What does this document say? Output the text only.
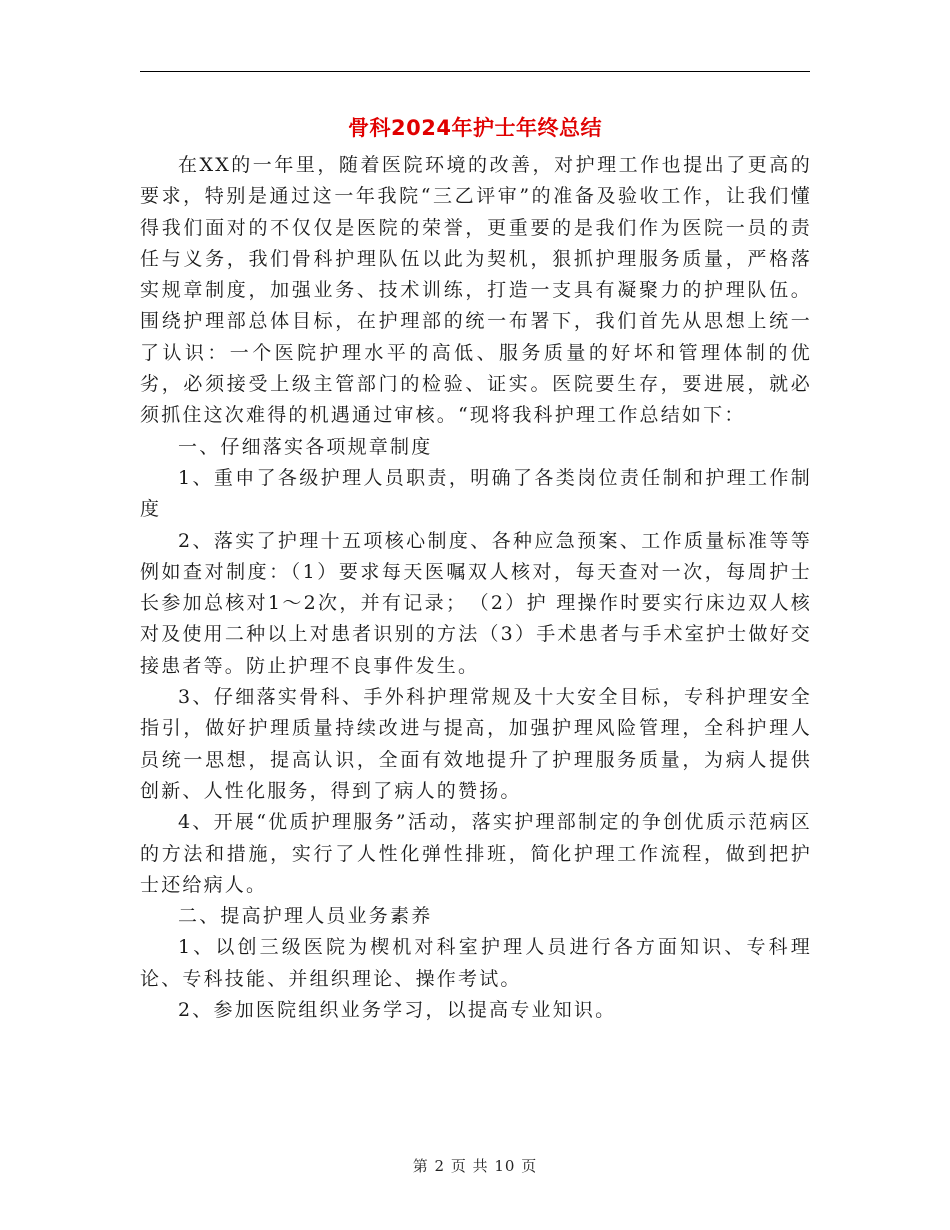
骨科2024年护士年终总结

在XX的一年里，随着医院环境的改善，对护理工作也提出了更高的要求，特别是通过这一年我院“三乙评审”的准备及验收工作，让我们懂得我们面对的不仅仅是医院的荣誉，更重要的是我们作为医院一员的责任与义务，我们骨科护理队伍以此为契机，狠抓护理服务质量，严格落实规章制度，加强业务、技术训练，打造一支具有凝聚力的护理队伍。围绕护理部总体目标，在护理部的统一布署下，我们首先从思想上统一了认识：一个医院护理水平的高低、服务质量的好坏和管理体制的优劣，必须接受上级主管部门的检验、证实。医院要生存，要进展，就必须抓住这次难得的机遇通过审核。“现将我科护理工作总结如下：

一、仔细落实各项规章制度

1、重申了各级护理人员职责，明确了各类岗位责任制和护理工作制度

2、落实了护理十五项核心制度、各种应急预案、工作质量标准等等例如查对制度：（1）要求每天医嘱双人核对，每天查对一次，每周护士长参加总核对1～2次，并有记录；　（2）护 理操作时要实行床边双人核对及使用二种以上对患者识别的方法（3）手术患者与手术室护士做好交接患者等。防止护理不良事件发生。

3、仔细落实骨科、手外科护理常规及十大安全目标，专科护理安全指引，做好护理质量持续改进与提高，加强护理风险管理，全科护理人员统一思想，提高认识，全面有效地提升了护理服务质量，为病人提供创新、人性化服务，得到了病人的赞扬。

4、开展“优质护理服务”活动，落实护理部制定的争创优质示范病区的方法和措施，实行了人性化弹性排班，简化护理工作流程，做到把护士还给病人。

二、提高护理人员业务素养

1、以创三级医院为楔机对科室护理人员进行各方面知识、专科理论、专科技能、并组织理论、操作考试。

2、参加医院组织业务学习，以提高专业知识。

第 2 页 共 10 页
